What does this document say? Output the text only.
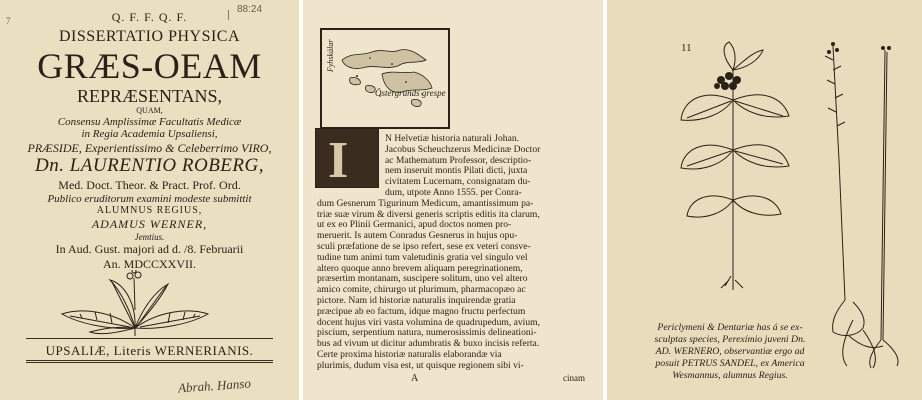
88:24
7	Q. F. F. Q. F.
DISSERTATIO PHYSICA
GRÆS-OEAM
REPRÆSENTANS,
QUAM,
Consensu Amplissimæ Facultatis Medicæ
in Regia Academia Upsaliensi,
PRÆSIDE, Experientissimo & Celeberrimo VIRO,
Dn. LAURENTIO ROBERG,
Med. Doct. Theor. & Pract. Prof. Ord.
Publico eruditorum examini modeste submittit
ALUMNUS REGIUS,
ADAMUS WERNER,
Jemtius.
In Aud. Gust. majori ad d. /8. Februarii
An. MDCCXXVII.
UPSALIÆ, Literis WERNERIANIS.
Abrah. Hanso
Fyhskälar
Östergrunds grespe
I	N Helvetiæ historia naturali Johan.
Jacobus Scheuchzerus Medicinæ Doctor
ac Mathematum Professor, descriptio-
nem inseruit montis Pilati dicti, juxta
civitatem Lucernam, consignatam du-
dum, utpote Anno 1555. per Conra-
dum Gesnerum Tigurinum Medicum, amantissimum pa-
triæ suæ virum & diversi generis scriptis editis ita clarum,
ut ex eo Plinii Germanici, apud doctos nomen pro-
meruerit. Is autem Conradus Gesnerus in hujus opu-
sculi præfatione de se ipso refert, sese ex veteri consve-
tudine tum animi tum valetudinis gratia vel singulo vel
altero quoque anno brevem aliquam peregrinationem,
præsertim montanam, suscipere solitum, uno vel altero
amico comite, chirurgo ut plurimum, pharmacopæo ac
pictore. Nam id historiæ naturalis inquirendæ gratia
præcipue ab eo factum, idque magno fructu perfectum
docent hujus viri vasta volumina de quadrupedum, avium,
piscium, serpentium natura, numerosissimis delineationi-
bus ad vivum ut dicitur adumbratis & buxo incisis referta.
Certe proxima historiæ naturalis elaborandæ via
plurimis, dudum visa est, ut quisque regionem sibi vi-
A	cinam
11
Periclymeni & Dentariæ has á se ex-
sculptas species, Perexímio juveni Dn.
AD. WERNERO, observantiæ ergo ad
posuit PETRUS SANDEL, ex America
Wesmannus, alumnus Regius.
